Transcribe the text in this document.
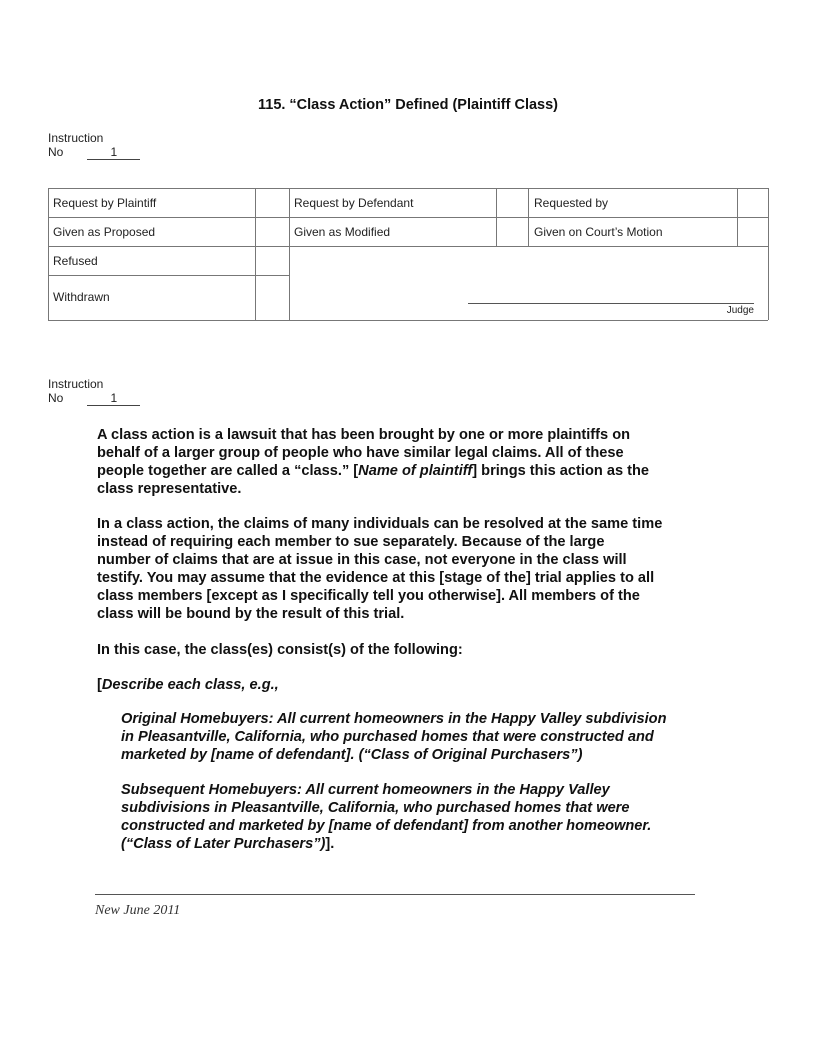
115. “Class Action” Defined (Plaintiff Class)
Instruction
No	1
Request by Plaintiff	Request by Defendant	Requested by
Given as Proposed	Given as Modified	Given on Court’s Motion
Refused
Withdrawn
Judge
Instruction
No	1
A class action is a lawsuit that has been brought by one or more plaintiffs on
behalf of a larger group of people who have similar legal claims. All of these
people together are called a “class.” [Name of plaintiff] brings this action as the
class representative.
In a class action, the claims of many individuals can be resolved at the same time
instead of requiring each member to sue separately. Because of the large
number of claims that are at issue in this case, not everyone in the class will
testify. You may assume that the evidence at this [stage of the] trial applies to all
class members [except as I specifically tell you otherwise]. All members of the
class will be bound by the result of this trial.
In this case, the class(es) consist(s) of the following:
[Describe each class, e.g.,
Original Homebuyers: All current homeowners in the Happy Valley subdivision
in Pleasantville, California, who purchased homes that were constructed and
marketed by [name of defendant]. (“Class of Original Purchasers”)
Subsequent Homebuyers: All current homeowners in the Happy Valley
subdivisions in Pleasantville, California, who purchased homes that were
constructed and marketed by [name of defendant] from another homeowner.
(“Class of Later Purchasers”)].
New June 2011
